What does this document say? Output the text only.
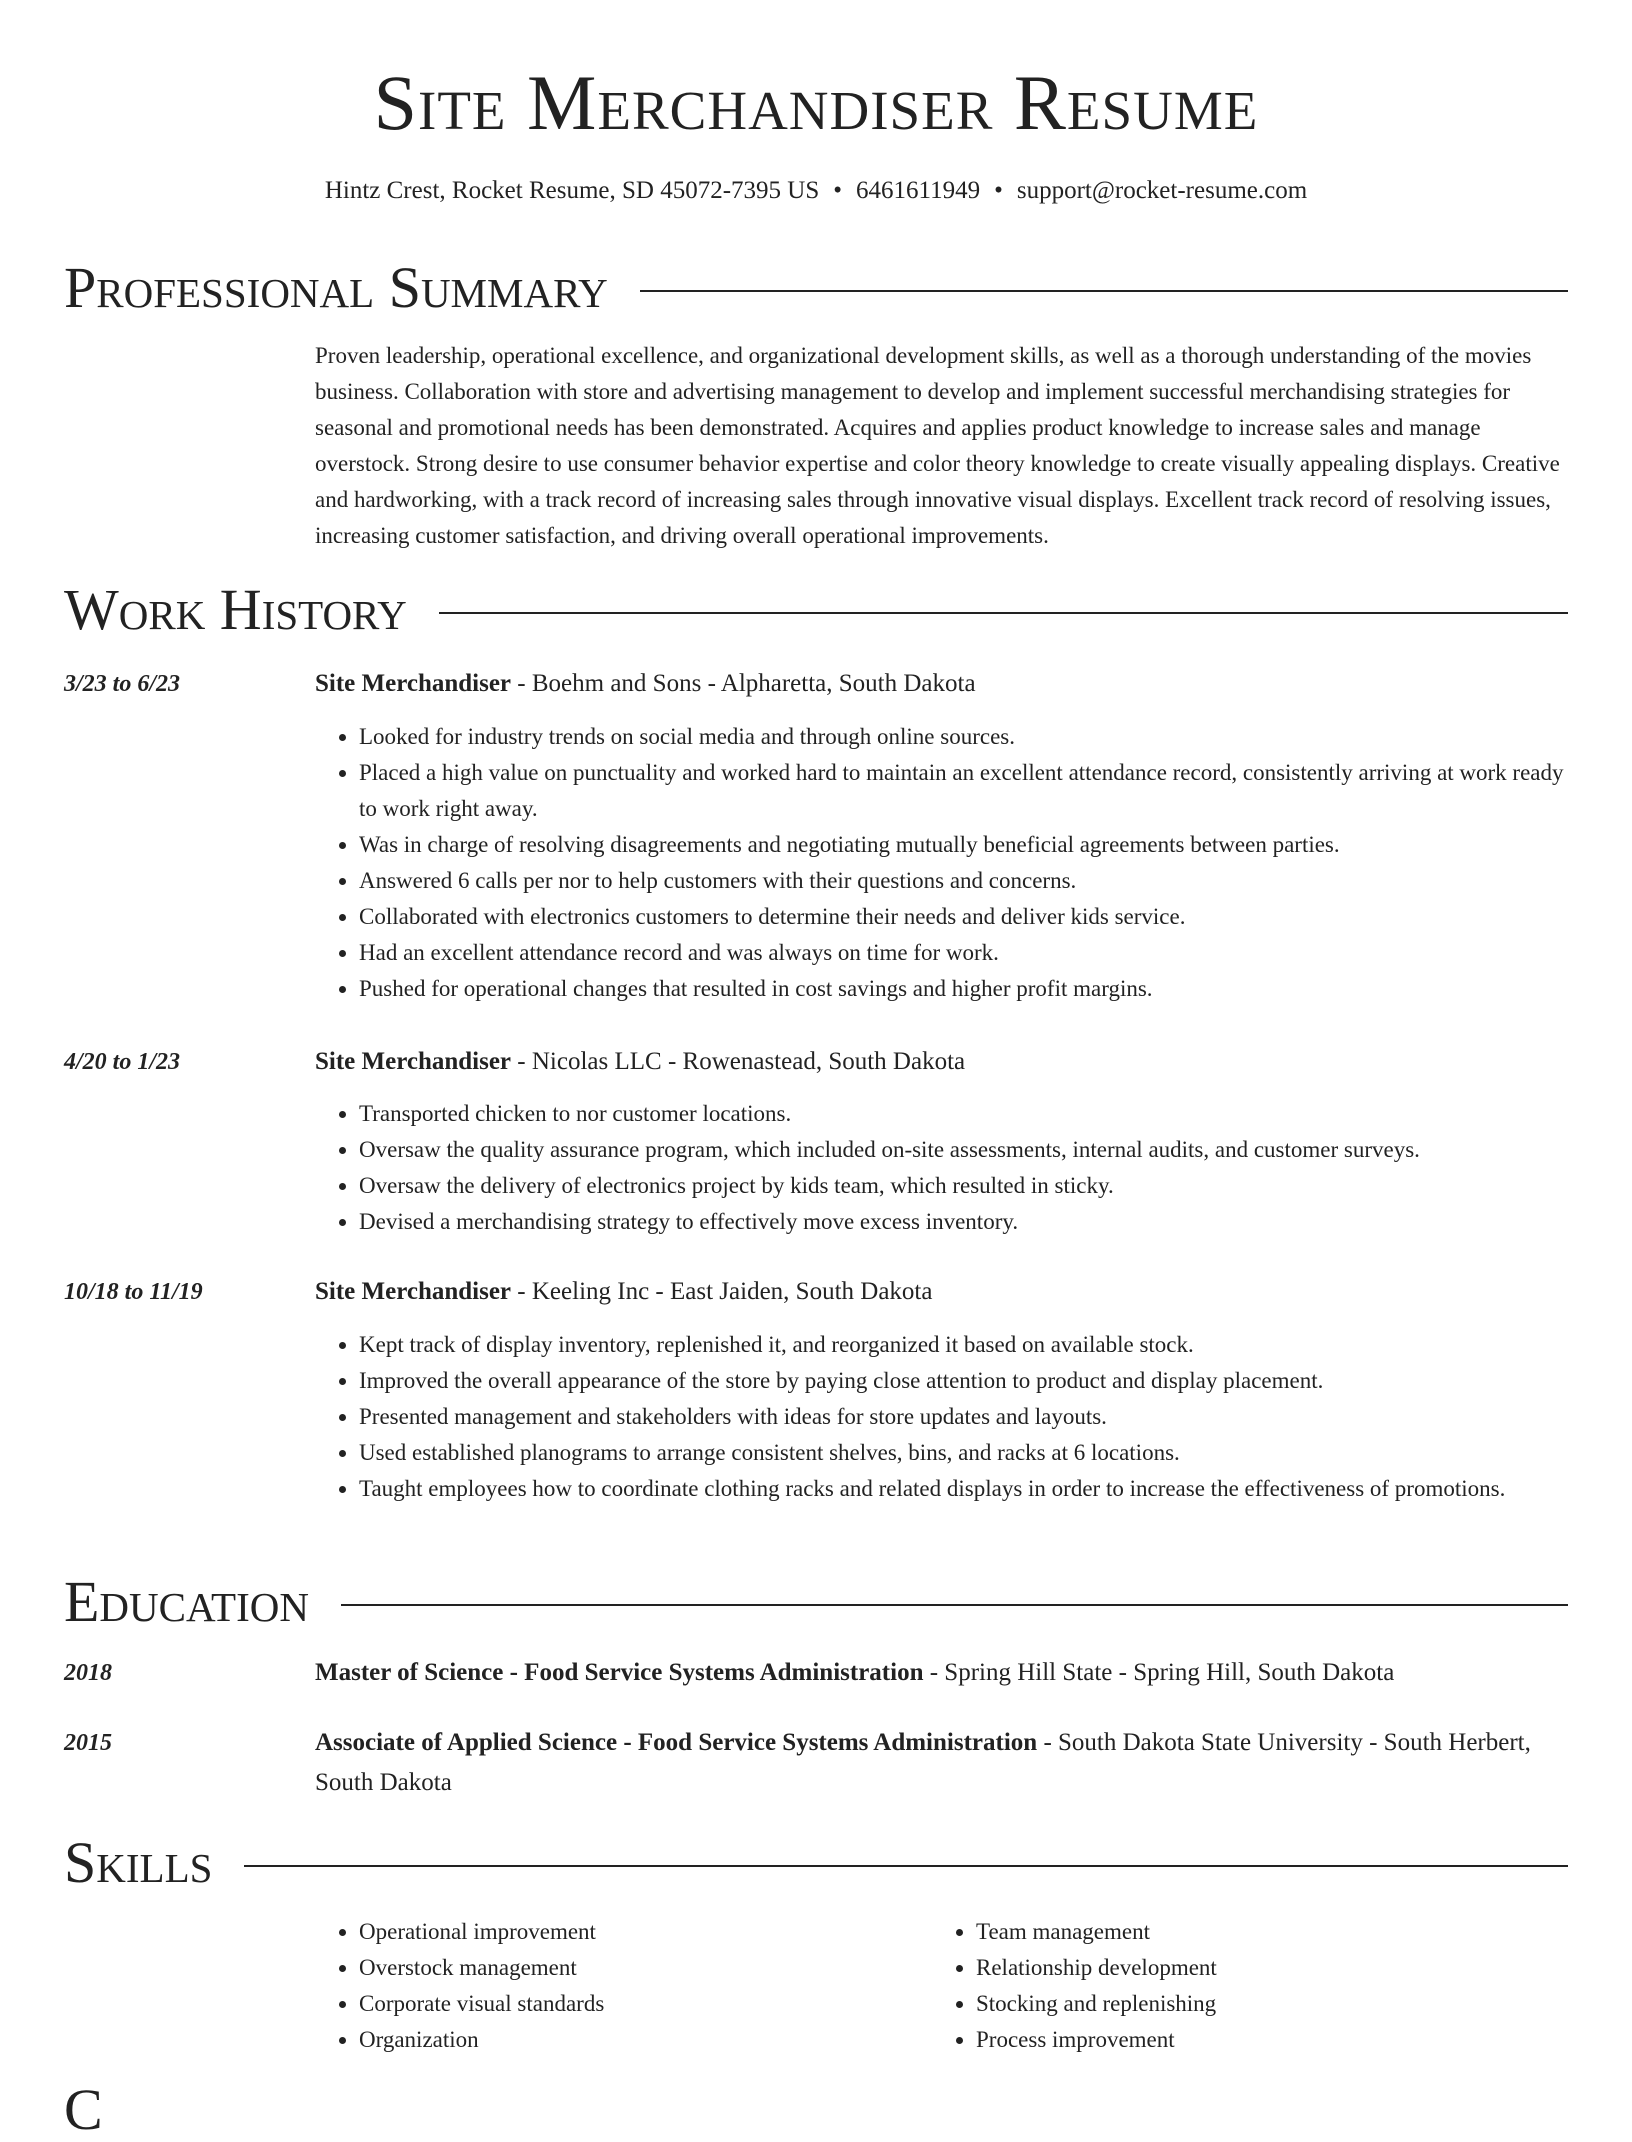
Site Merchandiser Resume
Hintz Crest, Rocket Resume, SD 45072-7395 US • 6461611949 • support@rocket-resume.com
Professional Summary

Proven leadership, operational excellence, and organizational development skills, as well as a thorough understanding of the movies business. Collaboration with store and advertising management to develop and implement successful merchandising strategies for seasonal and promotional needs has been demonstrated. Acquires and applies product knowledge to increase sales and manage overstock. Strong desire to use consumer behavior expertise and color theory knowledge to create visually appealing displays. Creative and hardworking, with a track record of increasing sales through innovative visual displays. Excellent track record of resolving issues, increasing customer satisfaction, and driving overall operational improvements.

Work History
3/23 to 6/23	Site Merchandiser - Boehm and Sons - Alpharetta, South Dakota
• Looked for industry trends on social media and through online sources.
• Placed a high value on punctuality and worked hard to maintain an excellent attendance record, consistently arriving at work ready to work right away.
• Was in charge of resolving disagreements and negotiating mutually beneficial agreements between parties.
• Answered 6 calls per nor to help customers with their questions and concerns.
• Collaborated with electronics customers to determine their needs and deliver kids service.
• Had an excellent attendance record and was always on time for work.
• Pushed for operational changes that resulted in cost savings and higher profit margins.
4/20 to 1/23	Site Merchandiser - Nicolas LLC - Rowenastead, South Dakota
• Transported chicken to nor customer locations.
• Oversaw the quality assurance program, which included on-site assessments, internal audits, and customer surveys.
• Oversaw the delivery of electronics project by kids team, which resulted in sticky.
• Devised a merchandising strategy to effectively move excess inventory.
10/18 to 11/19	Site Merchandiser - Keeling Inc - East Jaiden, South Dakota
• Kept track of display inventory, replenished it, and reorganized it based on available stock.
• Improved the overall appearance of the store by paying close attention to product and display placement.
• Presented management and stakeholders with ideas for store updates and layouts.
• Used established planograms to arrange consistent shelves, bins, and racks at 6 locations.
• Taught employees how to coordinate clothing racks and related displays in order to increase the effectiveness of promotions.
Education
2018	Master of Science - Food Service Systems Administration - Spring Hill State - Spring Hill, South Dakota
2015	Associate of Applied Science - Food Service Systems Administration - South Dakota State University - South Herbert, South Dakota
Skills
• Operational improvement
• Overstock management
• Corporate visual standards
• Organization
• Team management
• Relationship development
• Stocking and replenishing
• Process improvement
C
